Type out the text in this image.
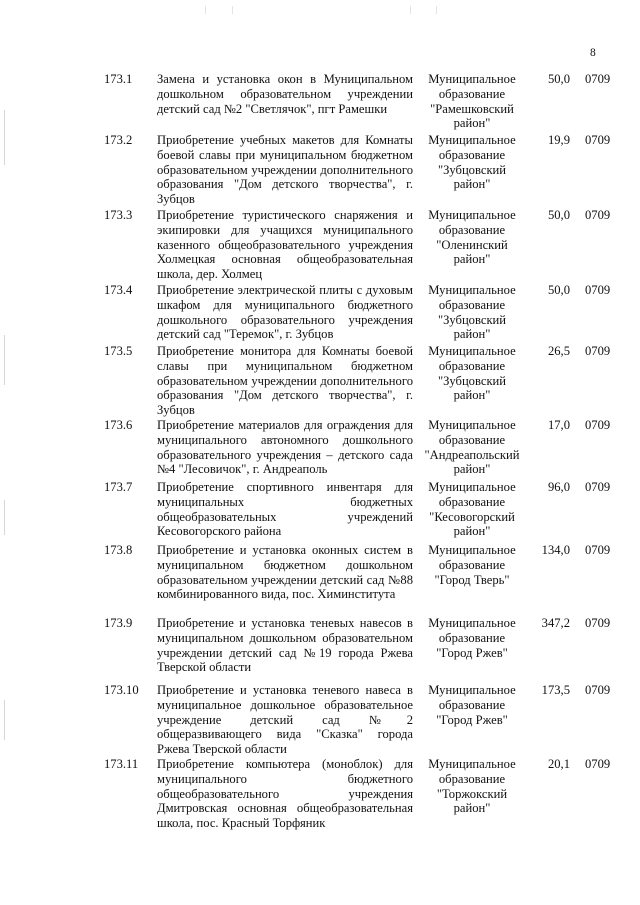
8
173.1 Замена и установка окон в Муниципальном дошкольном образовательном учреждении детский сад №2 "Светлячок", пгт Рамешки
Муниципальное образование "Рамешковский район"
50,0 0709
173.2 Приобретение учебных макетов для Комнаты боевой славы при муниципальном бюджетном образовательном учреждении дополнительного образования "Дом детского творчества", г. Зубцов
Муниципальное образование "Зубцовский район"
19,9 0709
173.3 Приобретение туристического снаряжения и экипировки для учащихся муниципального казенного общеобразовательного учреждения Холмецкая основная общеобразовательная школа, дер. Холмец
Муниципальное образование "Оленинский район"
50,0 0709
173.4 Приобретение электрической плиты с духовым шкафом для муниципального бюджетного дошкольного образовательного учреждения детский сад "Теремок", г. Зубцов
Муниципальное образование "Зубцовский район"
50,0 0709
173.5 Приобретение монитора для Комнаты боевой славы при муниципальном бюджетном образовательном учреждении дополнительного образования "Дом детского творчества", г. Зубцов
Муниципальное образование "Зубцовский район"
26,5 0709
173.6 Приобретение материалов для ограждения для муниципального автономного дошкольного образовательного учреждения – детского сада №4 "Лесовичок", г. Андреаполь
Муниципальное образование "Андреапольский район"
17,0 0709
173.7 Приобретение спортивного инвентаря для муниципальных бюджетных общеобразовательных учреждений Кесовогорского района
Муниципальное образование "Кесовогорский район"
96,0 0709
173.8 Приобретение и установка оконных систем в муниципальном бюджетном дошкольном образовательном учреждении детский сад №88 комбинированного вида, пос. Химинститута
Муниципальное образование "Город Тверь"
134,0 0709
173.9 Приобретение и установка теневых навесов в муниципальном дошкольном образовательном учреждении детский сад №19 города Ржева Тверской области
Муниципальное образование "Город Ржев"
347,2 0709
173.10 Приобретение и установка теневого навеса в муниципальное дошкольное образовательное учреждение детский сад №2 общеразвивающего вида "Сказка" города Ржева Тверской области
Муниципальное образование "Город Ржев"
173,5 0709
173.11 Приобретение компьютера (моноблок) для муниципального бюджетного общеобразовательного учреждения Дмитровская основная общеобразовательная школа, пос. Красный Торфяник
Муниципальное образование "Торжокский район"
20,1 0709
